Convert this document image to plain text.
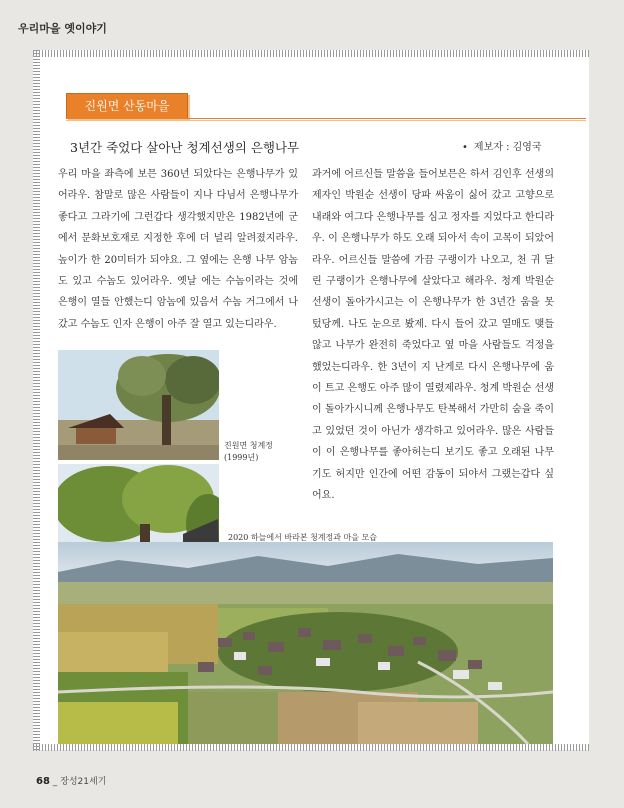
우리마을 옛이야기
진원면 산동마을
3년간 죽었다 살아난 청계선생의 은행나무	• 제보자 : 김영국
우리 마을 좌측에 보믄 360년 되았다는 은행나무가 있어라우. 참말로 많은 사람들이 지나 다님서 은행나무가 좋다고 그라기에 그런갑다 생각했지만은 1982년에 군에서 문화보호재로 지정한 후에 더 널리 알려졌지라우. 높이가 한 20미터가 되야요. 그 옆에는 은행 나무 암놈도 있고 수놈도 있어라우. 옛날 에는 수놈이라는 것에 은행이 열들 안했는디 암놈에 있음서 수놈 거그에서 나 갔고 수놈도 인자 은행이 아주 잘 열고 있는디라우.
과거에 어르신들 말씀을 들어보믄은 하서 김인후 선생의 제자인 박원순 선생이 당파 싸움이 싫어 갔고 고향으로 내래와 여그다 은행나무를 심고 정자를 지었다고 한디라우. 이 은행나무가 하도 오래 되아서 속이 고목이 되았어라우. 어르신들 말씀에 가끔 구랭이가 나오고, 천 귀 달린 구랭이가 은행나무에 살았다고 해라우. 청계 박원순 선생이 돌아가시고는 이 은행나무가 한 3년간 움을 못 텄당께. 나도 눈으로 봤제. 다시 들어 갔고 열매도 맺들 않고 나무가 완전히 죽었다고 옆 마을 사람들도 걱정을 했었는디라우. 한 3년이 지 난게로 다시 은행나무에 움이 트고 은행도 아주 많이 열렸제라우. 청계 박원순 선생이 돌아가시니께 은행나무도 탄복해서 가만히 숨을 죽이고 있었던 것이 아닌가 생각하고 있어라우. 많은 사람들이 이 은행나무를 좋아허는디 보기도 좋고 오래된 나무기도 허지만 인간에 어떤 감동이 되야서 그랬는갑다 싶어요.
진원면 청계정
(1999년)
2020 하늘에서 바라본 청계정과 마을 모습
68 _ 장성21세기
